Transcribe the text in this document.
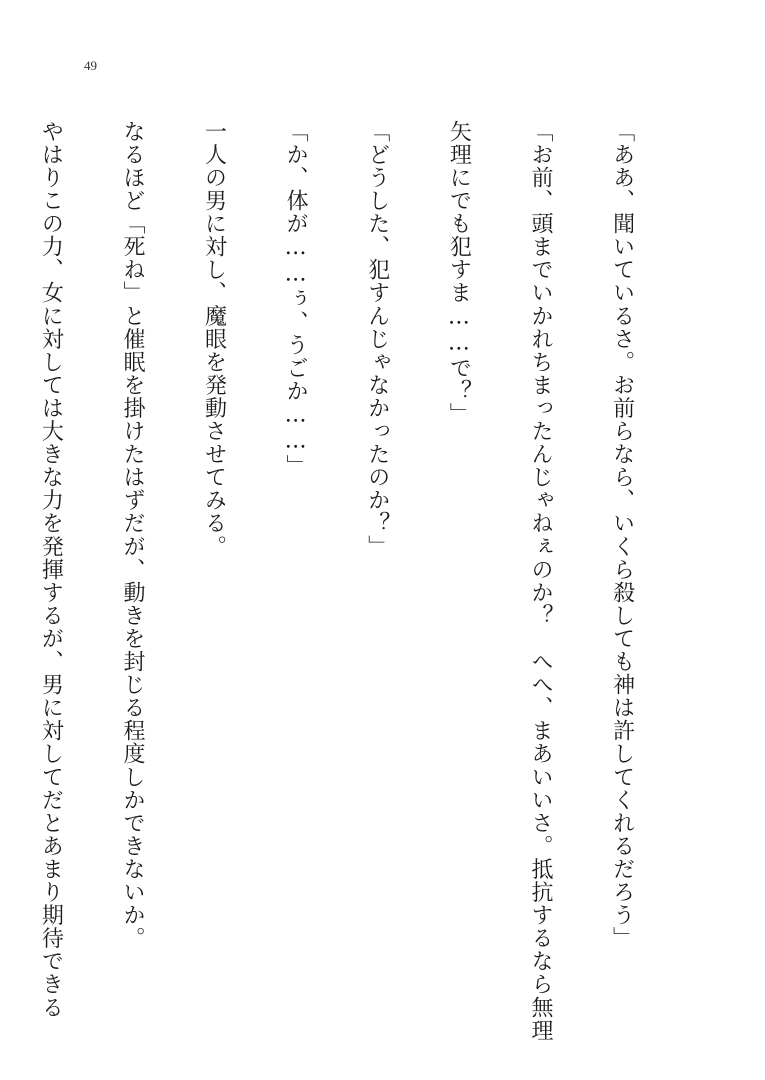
49

「ああ、聞いているさ。お前らなら、いくら殺しても神は許してくれるだろう」

「お前、頭までいかれちまったんじゃねぇのか？　へへ、まあいいさ。抵抗するなら無理

矢理にでも犯すま……で？」

「どうした、犯すんじゃなかったのか？」

「か、体が……ぅ、うごか……」

一人の男に対し、魔眼を発動させてみる。

なるほど「死ね」と催眠を掛けたはずだが、動きを封じる程度しかできないか。

やはりこの力、女に対しては大きな力を発揮するが、男に対してだとあまり期待できる
